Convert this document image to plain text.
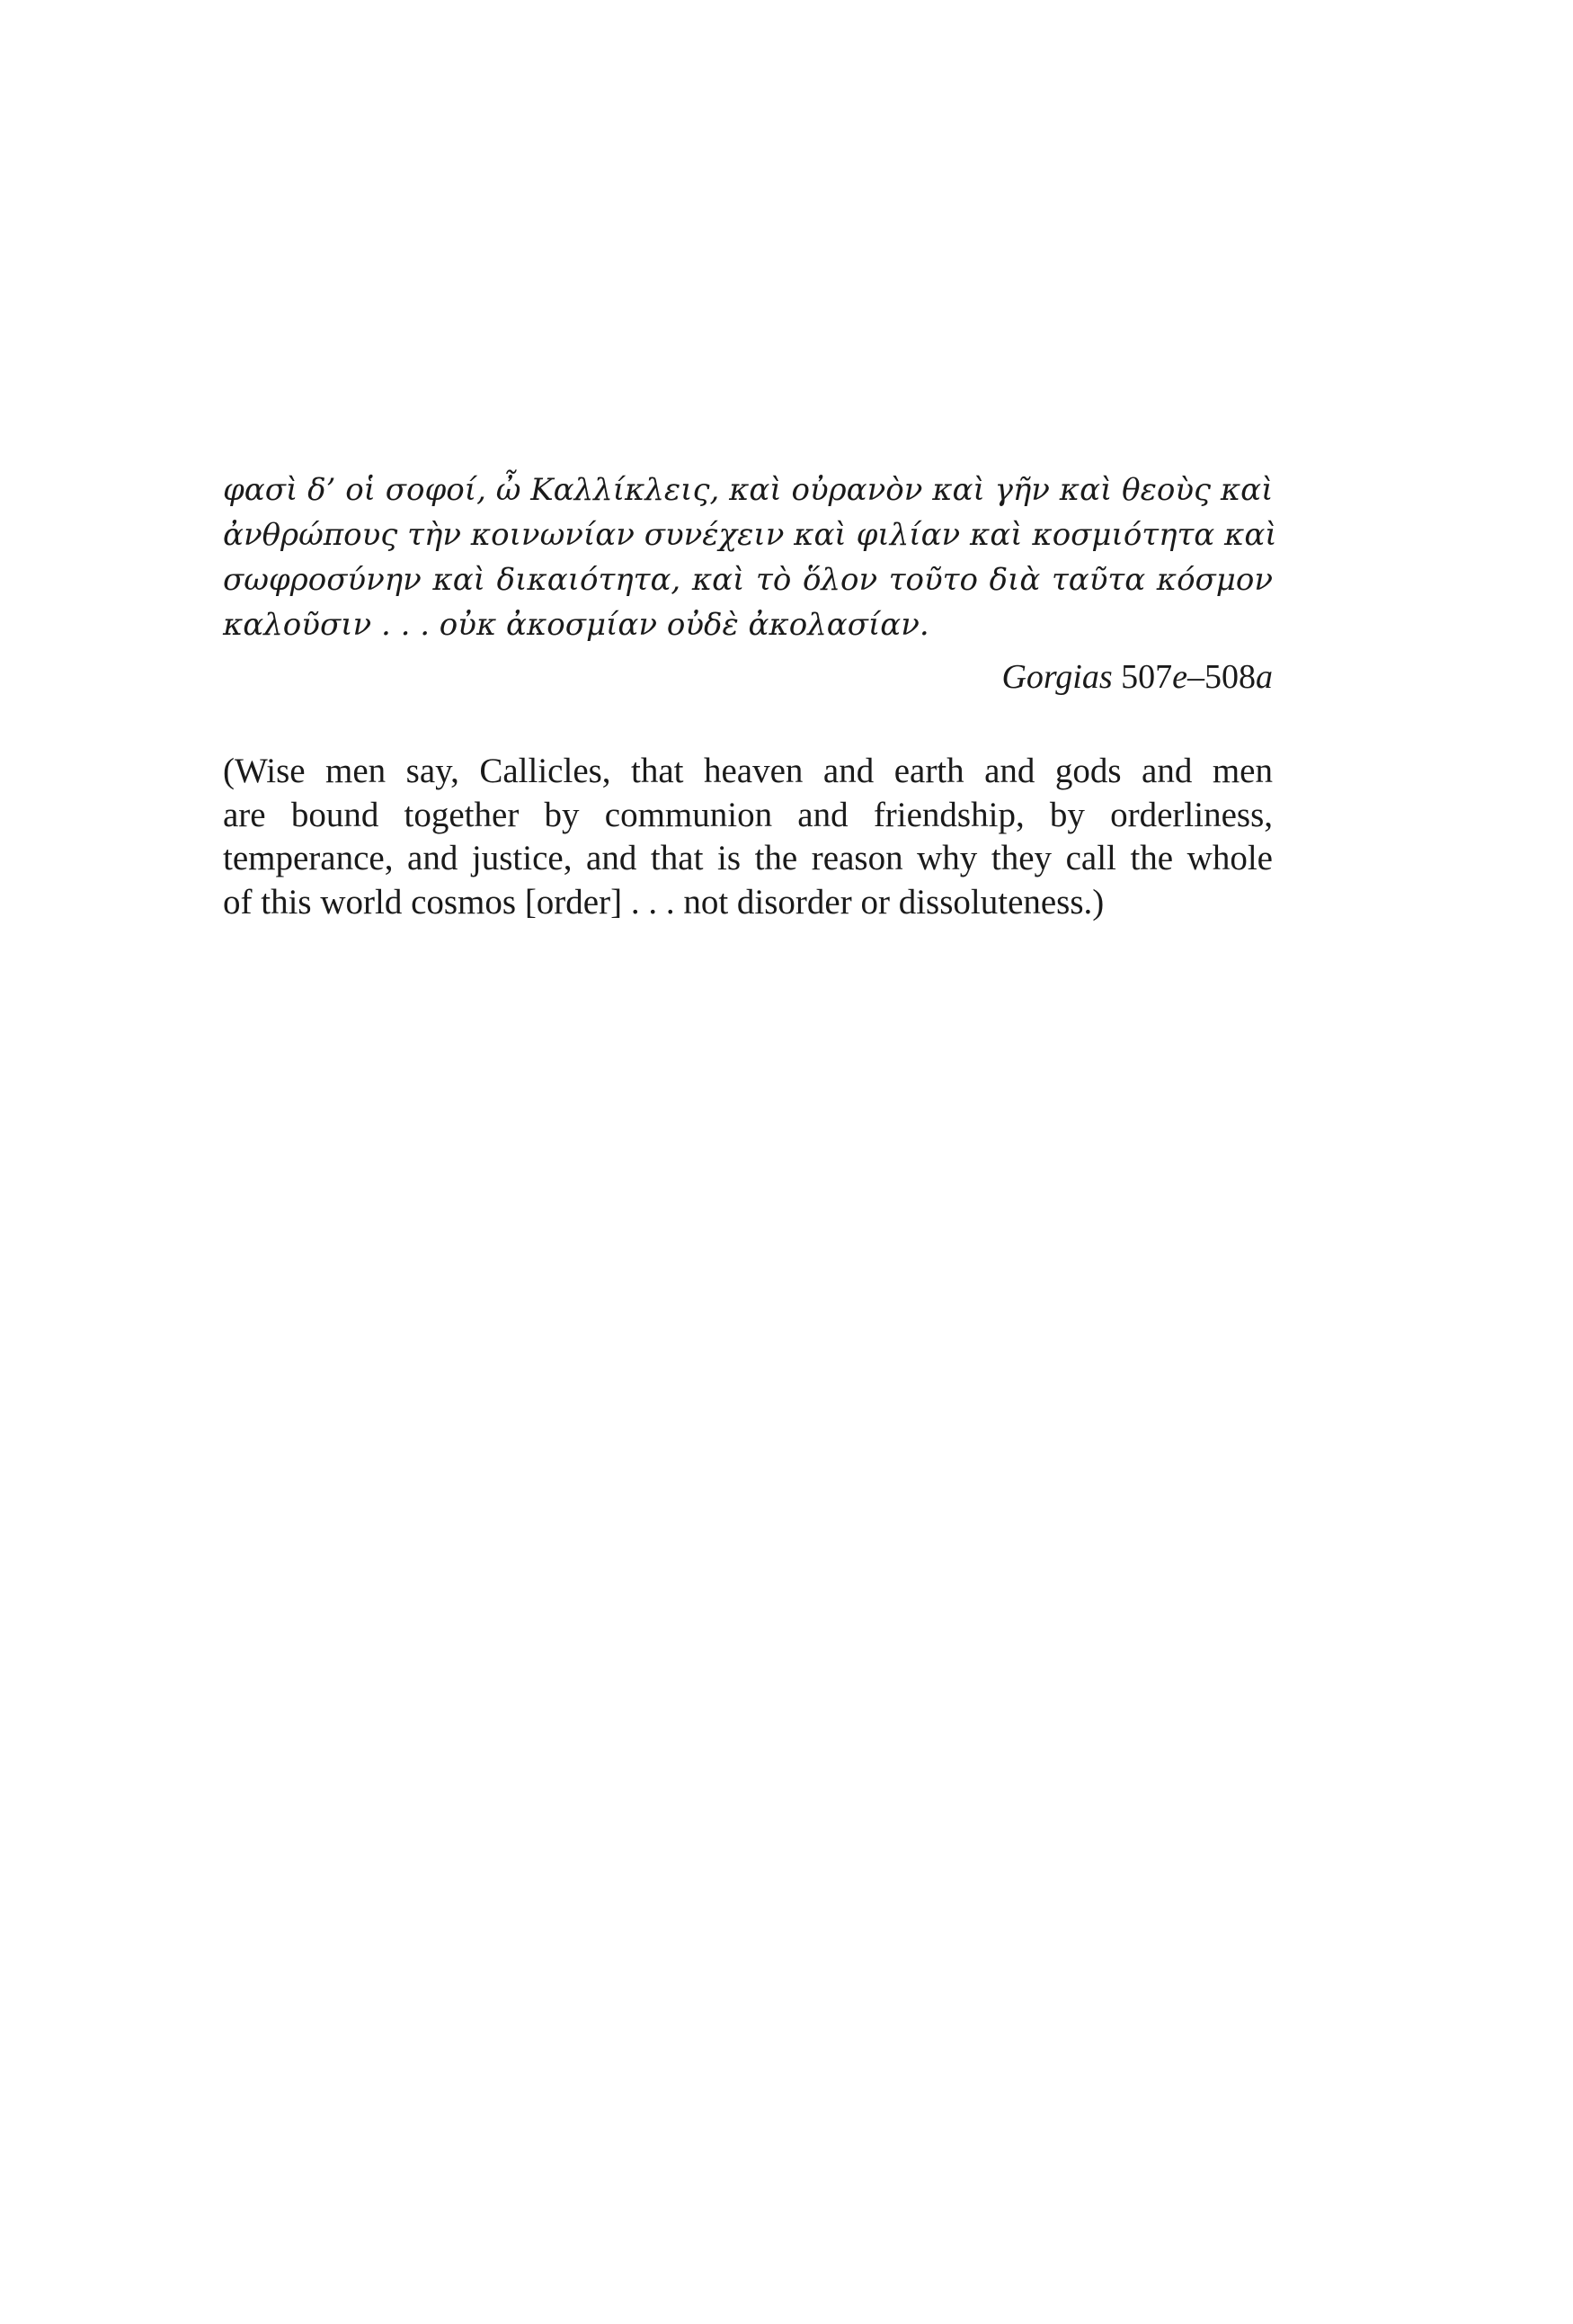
φασὶ δ’ οἱ σοφοί, ὦ Καλλίκλεις, καὶ οὐρανὸν καὶ γῆν καὶ θεοὺς καὶ
ἀνθρώπους τὴν κοινωνίαν συνέχειν καὶ φιλίαν καὶ κοσμιότητα καὶ
σωφροσύνην καὶ δικαιότητα, καὶ τὸ ὅλον τοῦτο διὰ ταῦτα κόσμον
καλοῦσιν . . . οὐκ ἀκοσμίαν οὐδὲ ἀκολασίαν.
Gorgias 507e–508a
(Wise men say, Callicles, that heaven and earth and gods and men
are bound together by communion and friendship, by orderliness,
temperance, and justice, and that is the reason why they call the whole
of this world cosmos [order] . . . not disorder or dissoluteness.)
